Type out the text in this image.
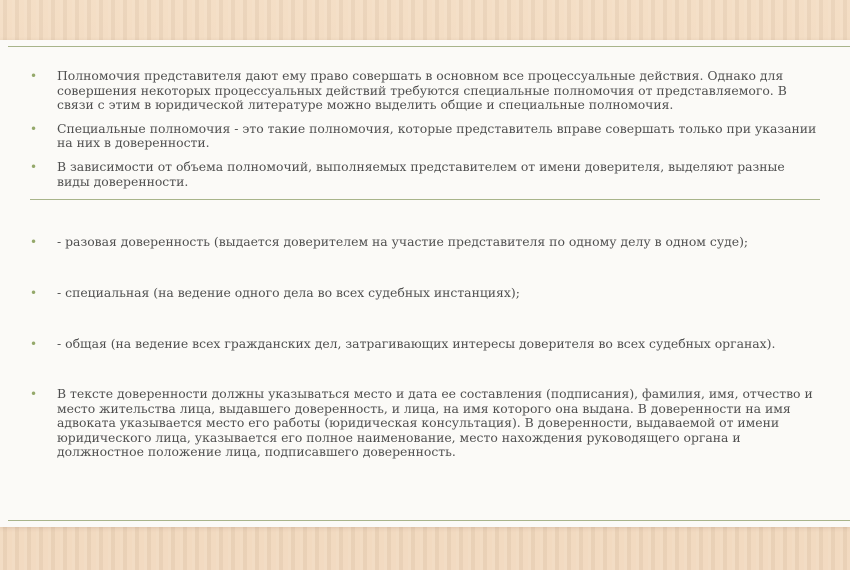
• Полномочия представителя дают ему право совершать в основном все процессуальные действия. Однако для совершения некоторых процессуальных действий требуются специальные полномочия от представляемого. В связи с этим в юридической литературе можно выделить общие и специальные полномочия.
• Специальные полномочия - это такие полномочия, которые представитель вправе совершать только при указании на них в доверенности.
• В зависимости от объема полномочий, выполняемых представителем от имени доверителя, выделяют разные виды доверенности.
• - разовая доверенность (выдается доверителем на участие представителя по одному делу в одном суде);
• - специальная (на ведение одного дела во всех судебных инстанциях);
• - общая (на ведение всех гражданских дел, затрагивающих интересы доверителя во всех судебных органах).
• В тексте доверенности должны указываться место и дата ее составления (подписания), фамилия, имя, отчество и место жительства лица, выдавшего доверенность, и лица, на имя которого она выдана. В доверенности на имя адвоката указывается место его работы (юридическая консультация). В доверенности, выдаваемой от имени юридического лица, указывается его полное наименование, место нахождения руководящего органа и должностное положение лица, подписавшего доверенность.
